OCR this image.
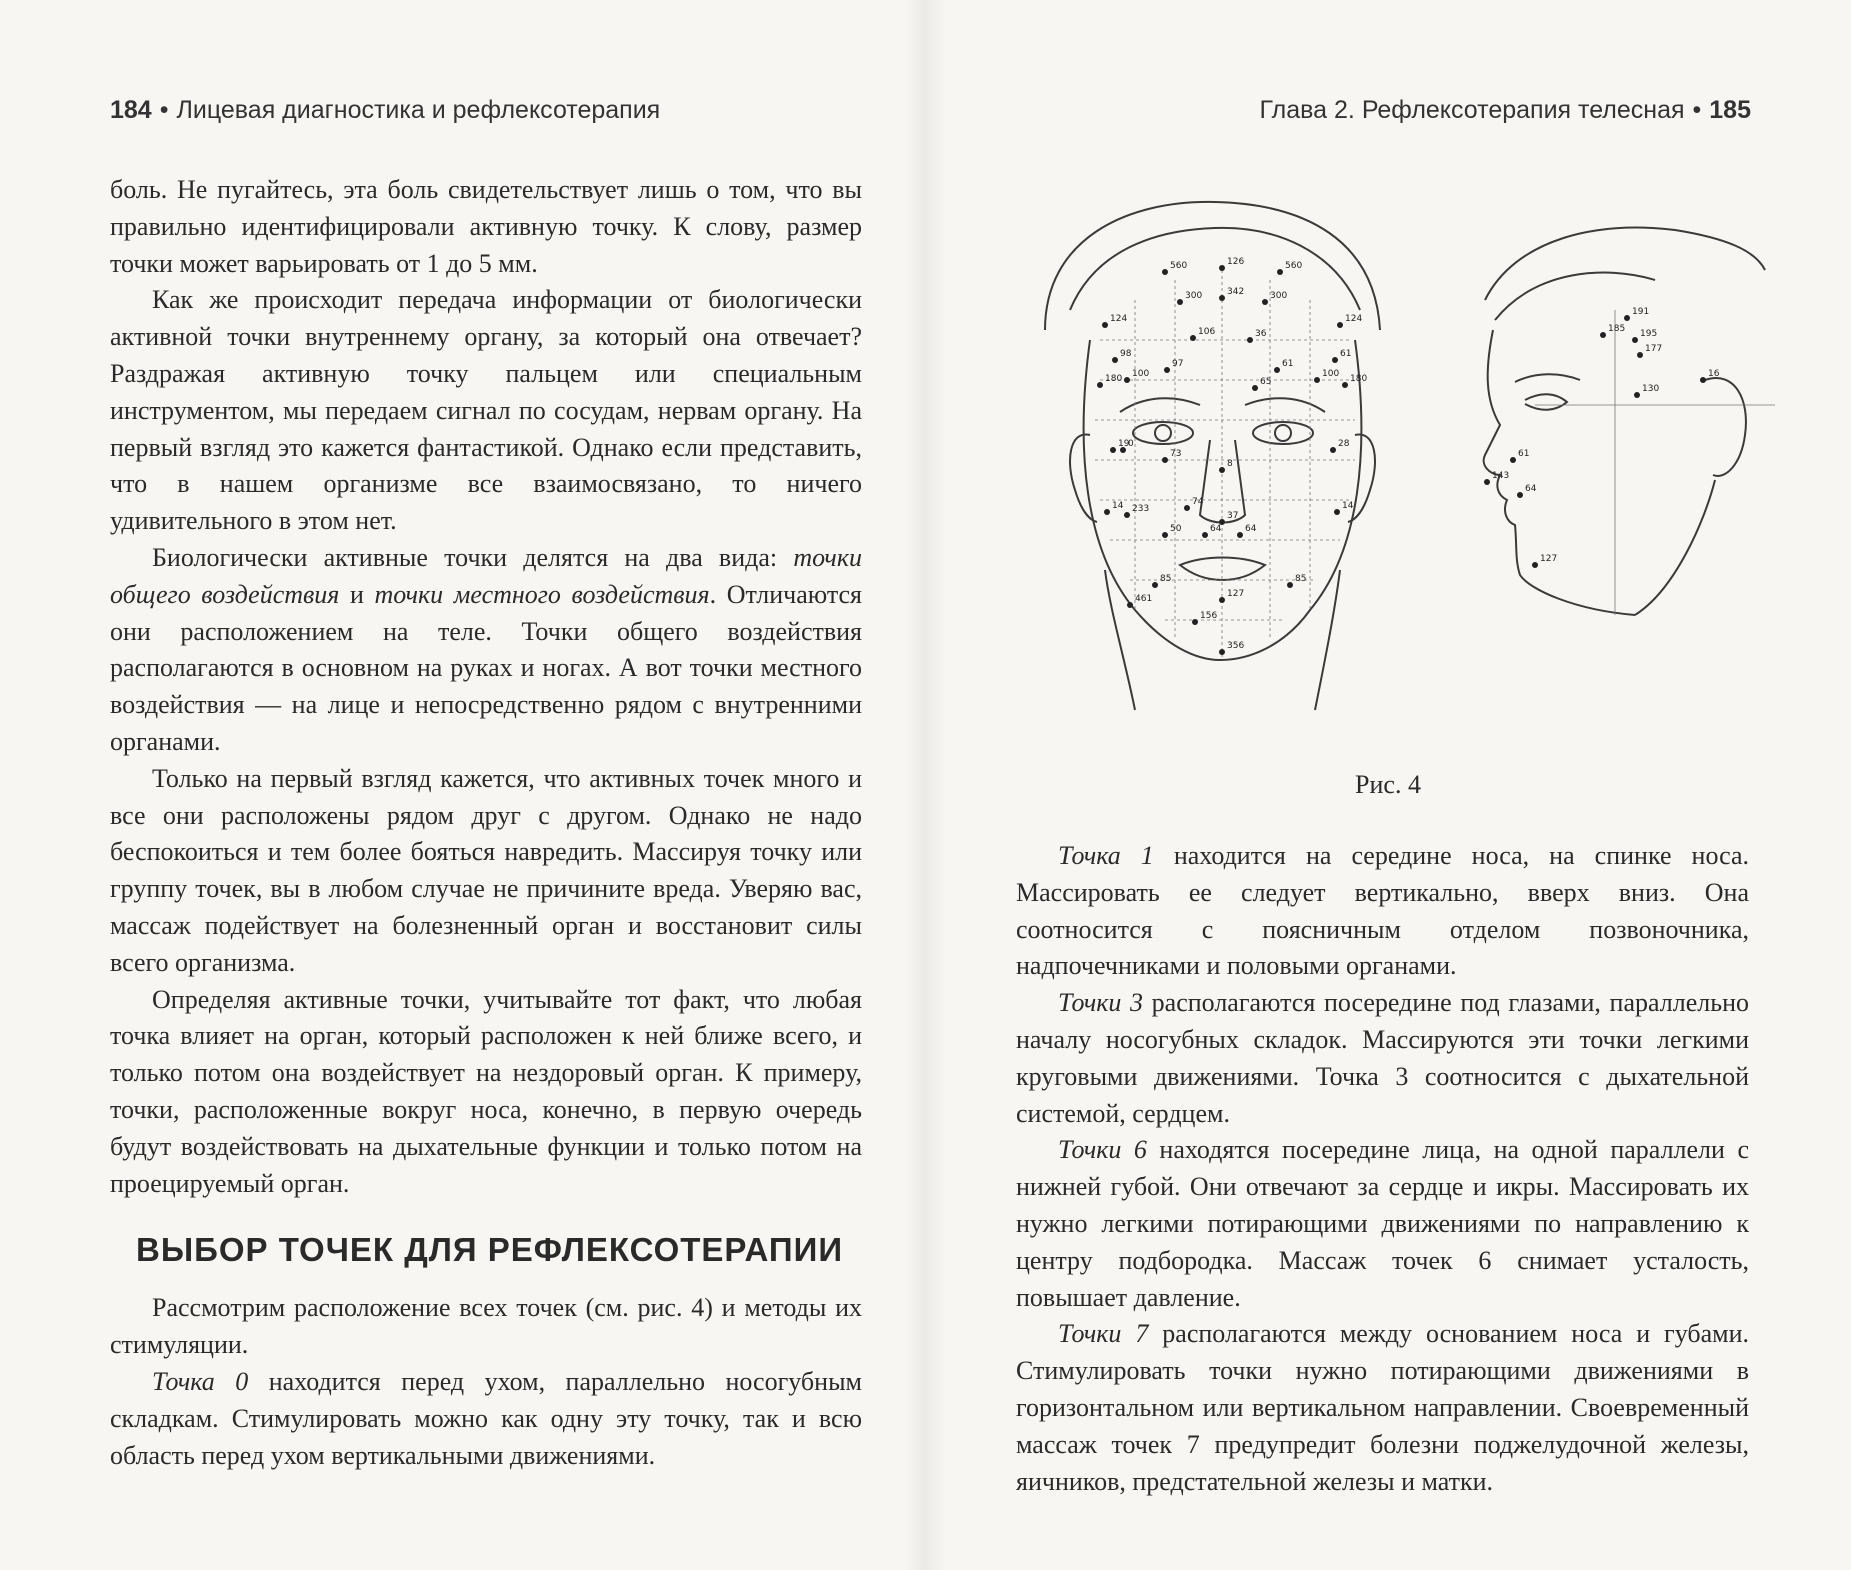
184 • Лицевая диагностика и рефлексотерапия

боль. Не пугайтесь, эта боль свидетельствует лишь о том, что вы правильно идентифицировали активную точку. К слову, размер точки может варьировать от 1 до 5 мм.

Как же происходит передача информации от биологически активной точки внутреннему органу, за который она отвечает? Раздражая активную точку пальцем или специальным инструментом, мы передаем сигнал по сосудам, нервам органу. На первый взгляд это кажется фантастикой. Однако если представить, что в нашем организме все взаимосвязано, то ничего удивительного в этом нет.

Биологически активные точки делятся на два вида: точки общего воздействия и точки местного воздействия. Отличаются они расположением на теле. Точки общего воздействия располагаются в основном на руках и ногах. А вот точки местного воздействия — на лице и непосредственно рядом с внутренними органами.

Только на первый взгляд кажется, что активных точек много и все они расположены рядом друг с другом. Однако не надо беспокоиться и тем более бояться навредить. Массируя точку или группу точек, вы в любом случае не причините вреда. Уверяю вас, массаж подействует на болезненный орган и восстановит силы всего организма.

Определяя активные точки, учитывайте тот факт, что любая точка влияет на орган, который расположен к ней ближе всего, и только потом она воздействует на нездоровый орган. К примеру, точки, расположенные вокруг носа, конечно, в первую очередь будут воздействовать на дыхательные функции и только потом на проецируемый орган.

ВЫБОР ТОЧЕК ДЛЯ РЕФЛЕКСОТЕРАПИИ

Рассмотрим расположение всех точек (см. рис. 4) и методы их стимуляции.

Точка 0 находится перед ухом, параллельно носогубным складкам. Стимулировать можно как одну эту точку, так и всю область перед ухом вертикальными движениями.

Глава 2. Рефлексотерапия телесная • 185
560	126	560
342
300	300
124	124
106	36
98
97	61
180 100	100 180
61
65
0
73
8
233
74
50	64
37
64
14	14
19	28
461
85	85
127
156
356
191
185 195
177
130
16
61
143
64
127
Рис. 4

Точка 1 находится на середине носа, на спинке носа. Массировать ее следует вертикально, вверх вниз. Она соотносится с поясничным отделом позвоночника, надпочечниками и половыми органами.

Точки 3 располагаются посередине под глазами, параллельно началу носогубных складок. Массируются эти точки легкими круговыми движениями. Точка 3 соотносится с дыхательной системой, сердцем.

Точки 6 находятся посередине лица, на одной параллели с нижней губой. Они отвечают за сердце и икры. Массировать их нужно легкими потирающими движениями по направлению к центру подбородка. Массаж точек 6 снимает усталость, повышает давление.

Точки 7 располагаются между основанием носа и губами. Стимулировать точки нужно потирающими движениями в горизонтальном или вертикальном направлении. Своевременный массаж точек 7 предупредит болезни поджелудочной железы, яичников, предстательной железы и матки.
